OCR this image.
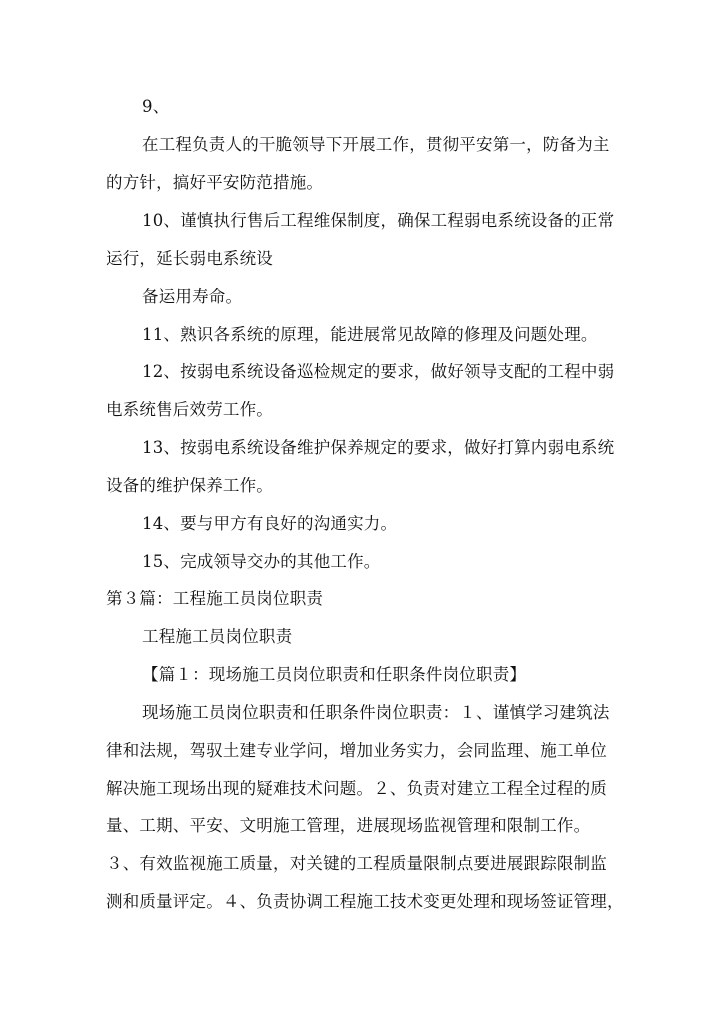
9、
在工程负责人的干脆领导下开展工作，贯彻平安第一，防备为主
的方针，搞好平安防范措施。
10、谨慎执行售后工程维保制度，确保工程弱电系统设备的正常
运行，延长弱电系统设
备运用寿命。
11、熟识各系统的原理，能进展常见故障的修理及问题处理。
12、按弱电系统设备巡检规定的要求，做好领导支配的工程中弱
电系统售后效劳工作。
13、按弱电系统设备维护保养规定的要求，做好打算内弱电系统
设备的维护保养工作。
14、要与甲方有良好的沟通实力。
15、完成领导交办的其他工作。
第３篇：工程施工员岗位职责
工程施工员岗位职责
【篇１：现场施工员岗位职责和任职条件岗位职责】
现场施工员岗位职责和任职条件岗位职责：１、谨慎学习建筑法
律和法规，驾驭土建专业学问，增加业务实力，会同监理、施工单位
解决施工现场出现的疑难技术问题。２、负责对建立工程全过程的质
量、工期、平安、文明施工管理，进展现场监视管理和限制工作。
３、有效监视施工质量，对关键的工程质量限制点要进展跟踪限制监
测和质量评定。４、负责协调工程施工技术变更处理和现场签证管理，
